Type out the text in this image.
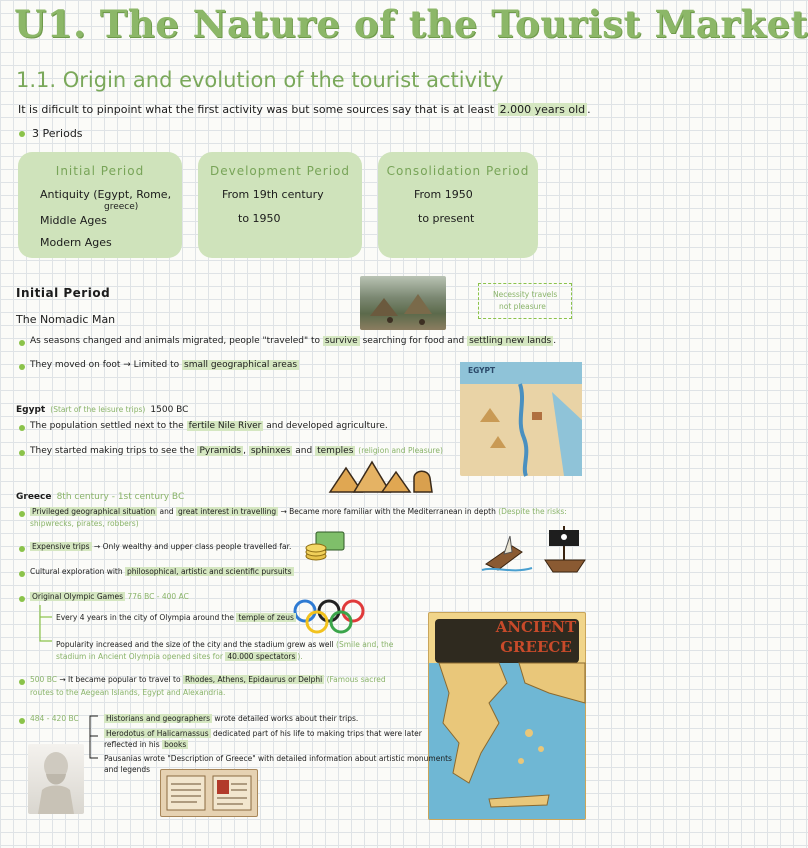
U1. The Nature of the Tourist Market
1.1. Origin and evolution of the tourist activity
It is dificult to pinpoint what the first activity was but some sources say that is at least 2.000 years old .
3 Periods
Initial Period
Antiquity (Egypt, Rome,
greece)
Middle Ages
Modern Ages
Development Period
From 19th century
to 1950
Consolidation Period
From 1950
to present
Initial Period	Necessity travels
not pleasure
The Nomadic Man
As seasons changed and animals migrated, people "traveled" to survive searching for food and settling new lands .
They moved on foot → Limited to small geographical areas
EGYPT
Egypt (Start of the leisure trips) 1500 BC
The population settled next to the fertile Nile River and developed agriculture.
They started making trips to see the Pyramids , sphinxes and temples (religion and Pleasure)
Greece 8th century - 1st century BC
Privileged geographical situation and great interest in travelling → Became more familiar with the Mediterranean in depth (Despite the risks:
shipwrecks, pirates, robbers)
Expensive trips → Only wealthy and upper class people travelled far.
Cultural exploration with philosophical, artistic and scientific pursuits
Original Olympic Games 776 BC - 400 AC
Every 4 years in the city of Olympia around the temple of zeus
Popularity increased and the size of the city and the stadium grew as well (Smile and, the
stadium in Ancient Olympia opened sites for 40.000 spectators ).
ANCIENT
GREECE
500 BC → It became popular to travel to Rhodes, Athens, Epidaurus or Delphi (Famous sacred
routes to the Aegean Islands, Egypt and Alexandria.
484 - 420 BC	Historians and geographers wrote detailed works about their trips.
Herodotus of Halicarnassus dedicated part of his life to making trips that were later
reflected in his books
Pausanias wrote "Description of Greece" with detailed information about artistic monuments
and legends
